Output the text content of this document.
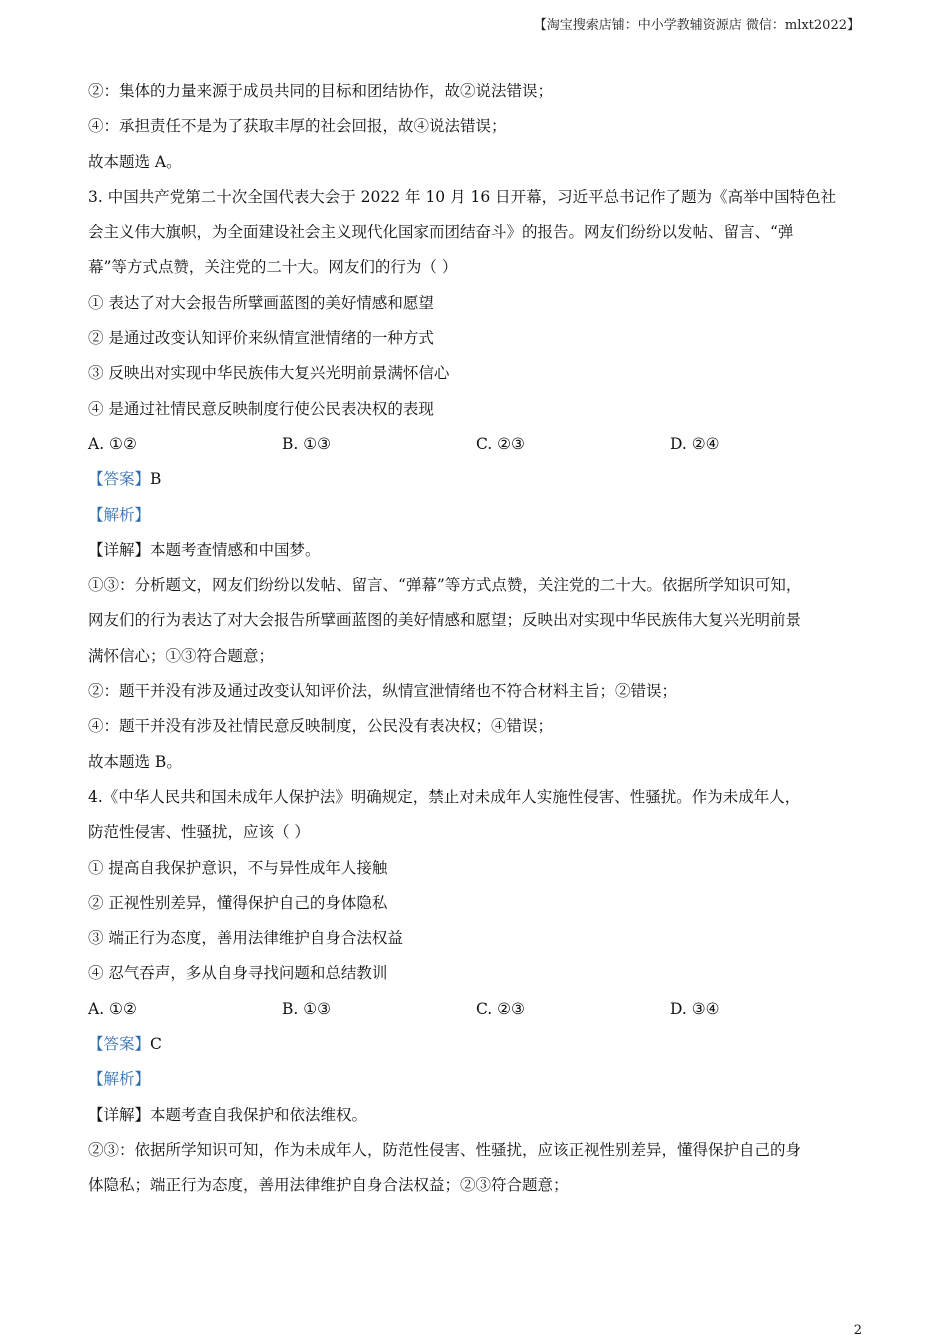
【淘宝搜索店铺：中小学教辅资源店 微信：mlxt2022】
②：集体的力量来源于成员共同的目标和团结协作，故②说法错误；
④：承担责任不是为了获取丰厚的社会回报，故④说法错误；
故本题选 A。
3. 中国共产党第二十次全国代表大会于 2022 年 10 月 16 日开幕，习近平总书记作了题为《高举中国特色社
会主义伟大旗帜，为全面建设社会主义现代化国家而团结奋斗》的报告。网友们纷纷以发帖、留言、“弹
幕”等方式点赞，关注党的二十大。网友们的行为（ ）
① 表达了对大会报告所擘画蓝图的美好情感和愿望
② 是通过改变认知评价来纵情宣泄情绪的一种方式
③ 反映出对实现中华民族伟大复兴光明前景满怀信心
④ 是通过社情民意反映制度行使公民表决权的表现
A. ①②	B. ①③	C. ②③	D. ②④
【答案】B
【解析】
【详解】本题考查情感和中国梦。
①③：分析题文，网友们纷纷以发帖、留言、“弹幕”等方式点赞，关注党的二十大。依据所学知识可知，
网友们的行为表达了对大会报告所擘画蓝图的美好情感和愿望；反映出对实现中华民族伟大复兴光明前景
满怀信心；①③符合题意；
②：题干并没有涉及通过改变认知评价法，纵情宣泄情绪也不符合材料主旨；②错误；
④：题干并没有涉及社情民意反映制度，公民没有表决权；④错误；
故本题选 B。
4.《中华人民共和国未成年人保护法》明确规定，禁止对未成年人实施性侵害、性骚扰。作为未成年人，
防范性侵害、性骚扰，应该（ ）
① 提高自我保护意识，不与异性成年人接触
② 正视性别差异，懂得保护自己的身体隐私
③ 端正行为态度，善用法律维护自身合法权益
④ 忍气吞声，多从自身寻找问题和总结教训
A. ①②	B. ①③	C. ②③	D. ③④
【答案】C
【解析】
【详解】本题考查自我保护和依法维权。
②③：依据所学知识可知，作为未成年人，防范性侵害、性骚扰，应该正视性别差异，懂得保护自己的身
体隐私；端正行为态度，善用法律维护自身合法权益；②③符合题意；
2
